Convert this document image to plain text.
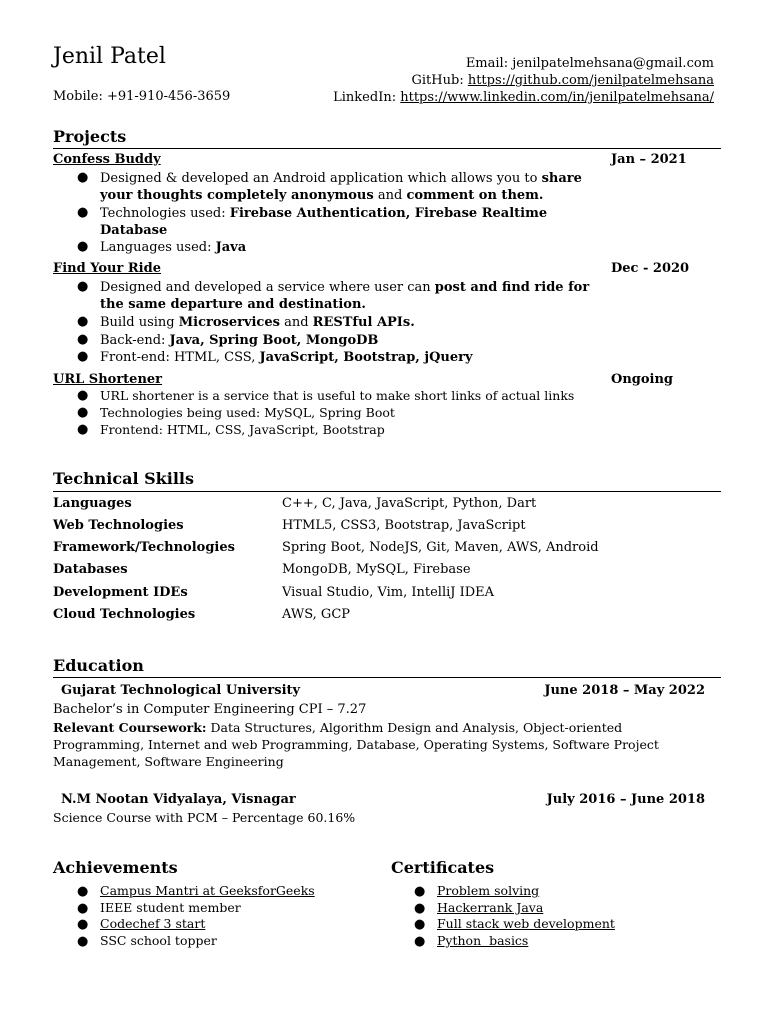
Jenil Patel
Mobile: +91-910-456-3659
Email: jenilpatelmehsana@gmail.com
GitHub: https://github.com/jenilpatelmehsana
LinkedIn: https://www.linkedin.com/in/jenilpatelmehsana/
Projects
Confess Buddy	Jan – 2021
● Designed & developed an Android application which allows you to share your thoughts completely anonymous and comment on them.
● Technologies used: Firebase Authentication, Firebase Realtime Database
● Languages used: Java
Find Your Ride	Dec - 2020
● Designed and developed a service where user can post and find ride for the same departure and destination.
● Build using Microservices and RESTful APIs.
● Back-end: Java, Spring Boot, MongoDB
● Front-end: HTML, CSS, JavaScript, Bootstrap, jQuery
URL Shortener	Ongoing
● URL shortener is a service that is useful to make short links of actual links
● Technologies being used: MySQL, Spring Boot
● Frontend: HTML, CSS, JavaScript, Bootstrap
Technical Skills
Languages	C++, C, Java, JavaScript, Python, Dart
Web Technologies	HTML5, CSS3, Bootstrap, JavaScript
Framework/Technologies	Spring Boot, NodeJS, Git, Maven, AWS, Android
Databases	MongoDB, MySQL, Firebase
Development IDEs	Visual Studio, Vim, IntelliJ IDEA
Cloud Technologies	AWS, GCP
Education
Gujarat Technological University	June 2018 – May 2022
Bachelor’s in Computer Engineering CPI – 7.27
Relevant Coursework: Data Structures, Algorithm Design and Analysis, Object-oriented Programming, Internet and web Programming, Database, Operating Systems, Software Project Management, Software Engineering
N.M Nootan Vidyalaya, Visnagar	July 2016 – June 2018
Science Course with PCM – Percentage 60.16%
Achievements
● Campus Mantri at GeeksforGeeks
● IEEE student member
● Codechef 3 start
● SSC school topper
Certificates
● Problem solving
● Hackerrank Java
● Full stack web development
● Python  basics
